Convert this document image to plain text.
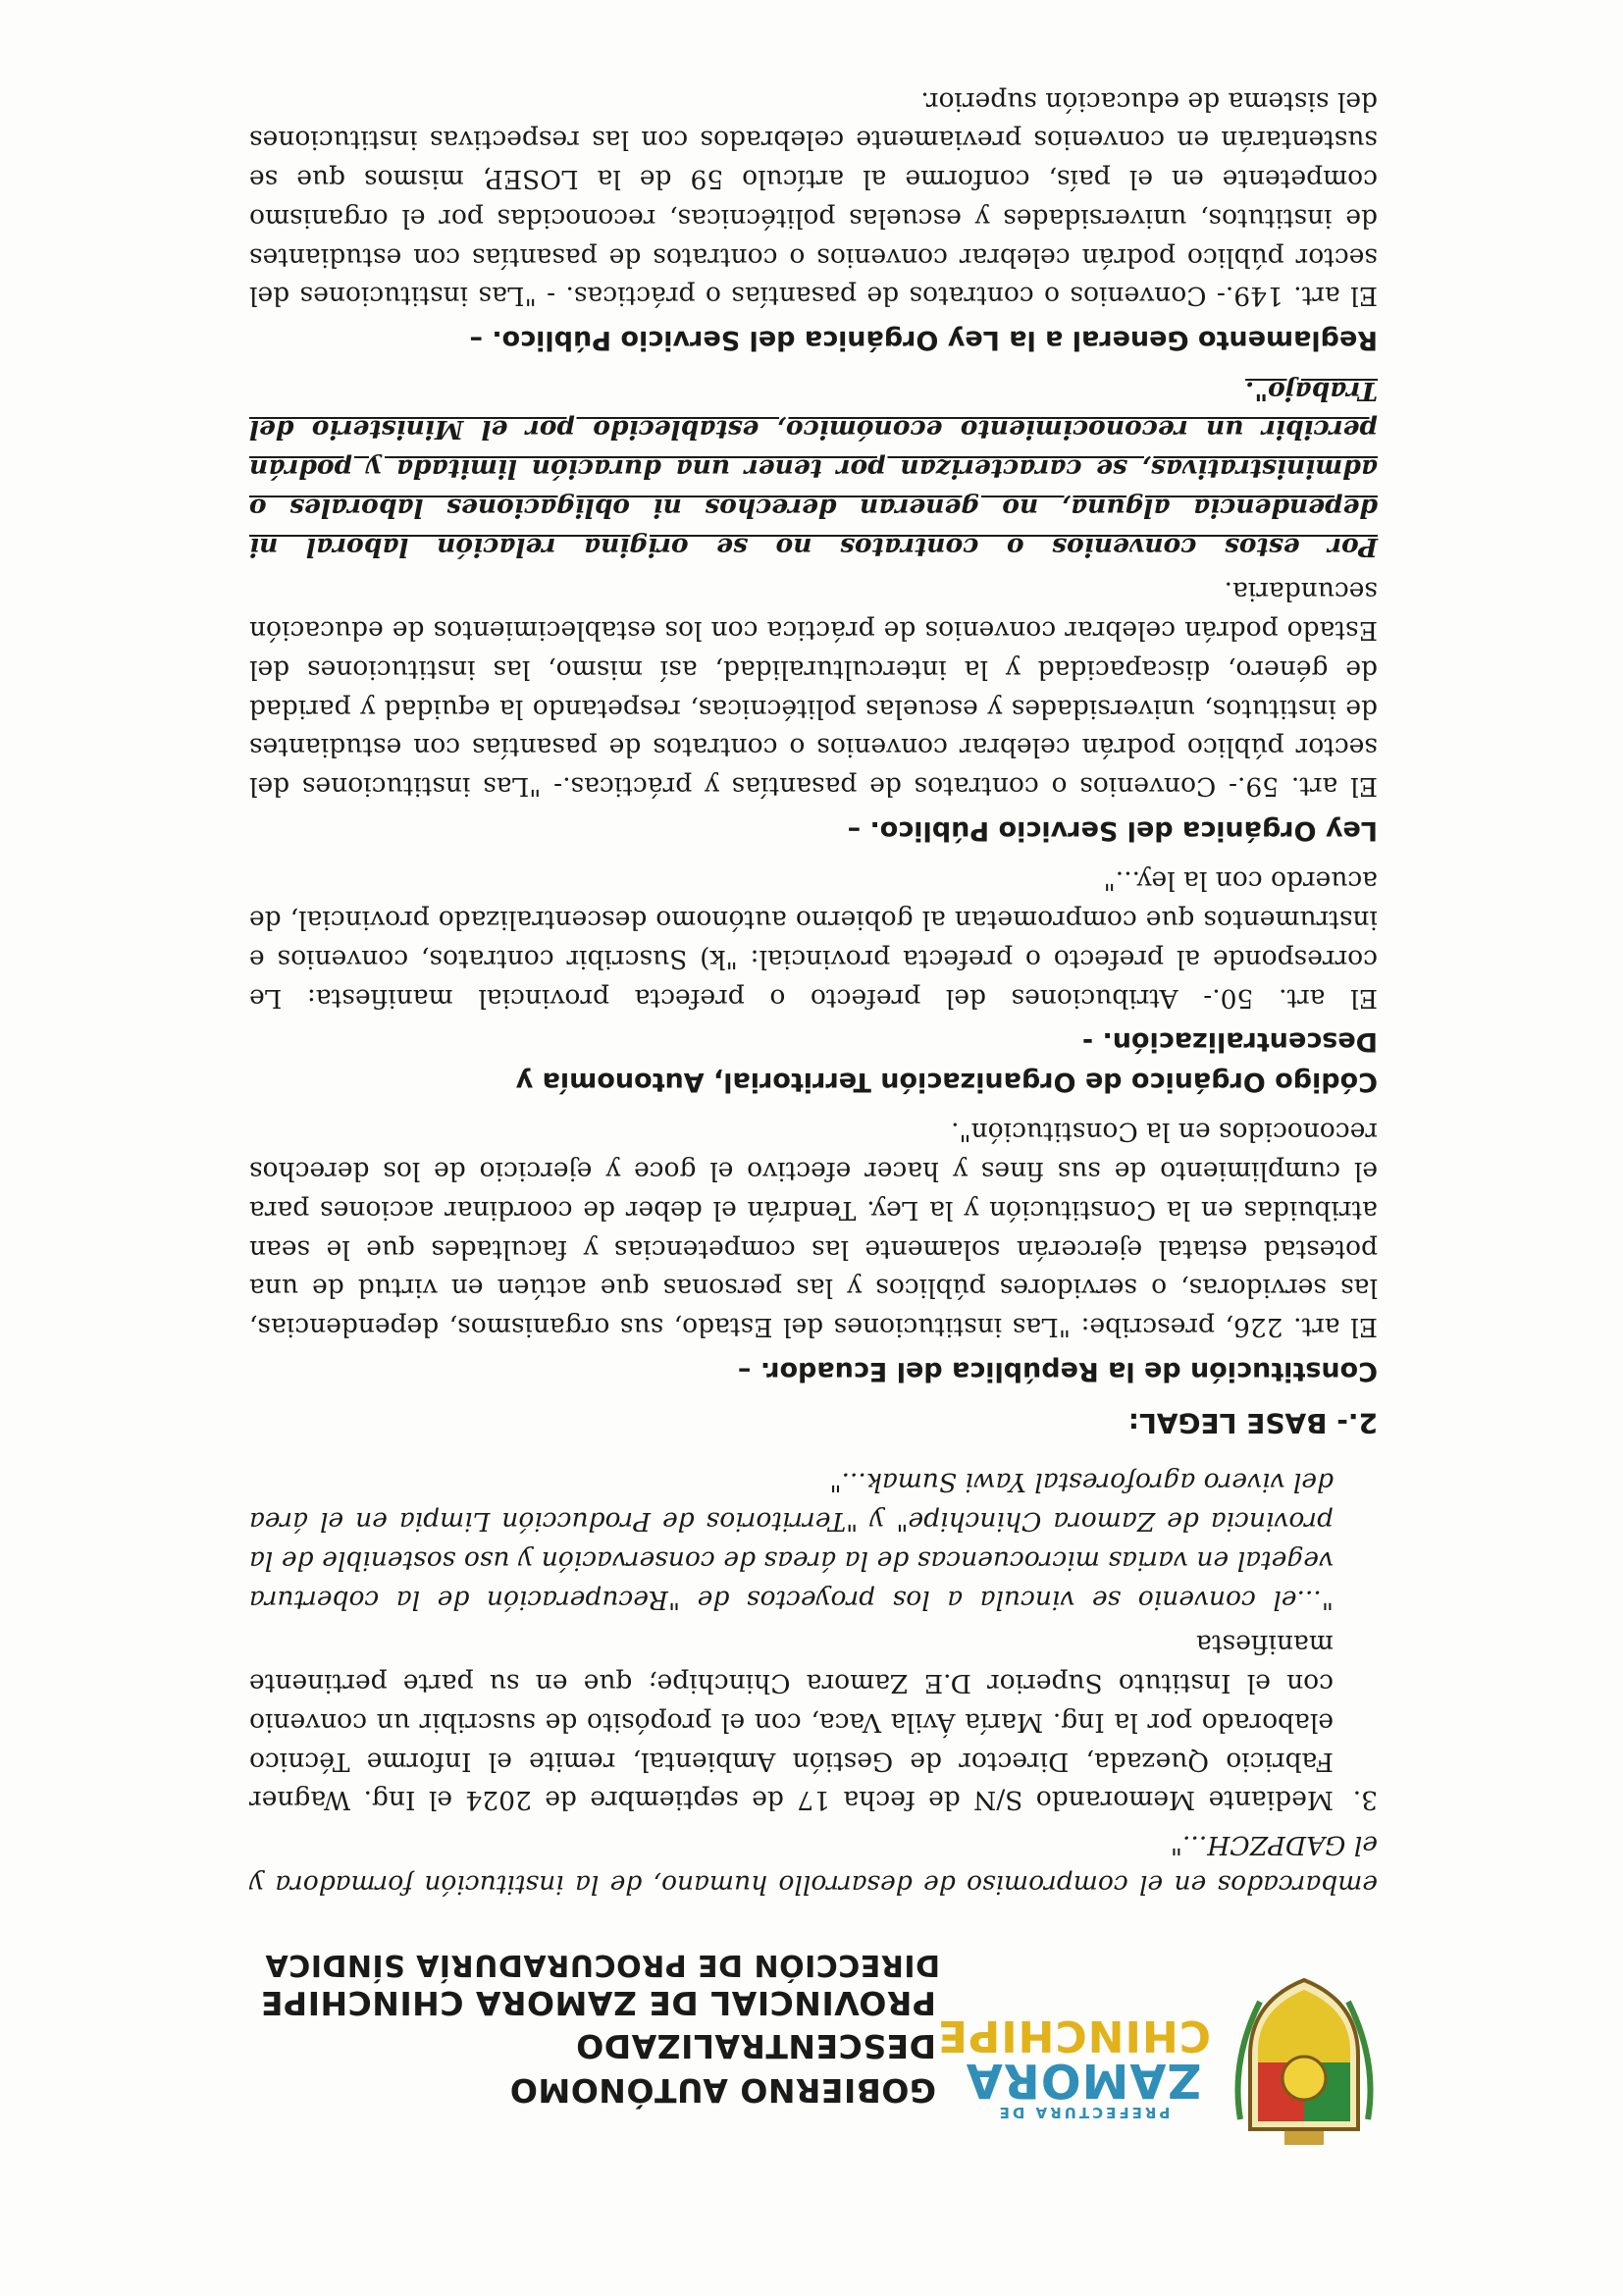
PREFECTURA DE
ZAMORA
CHINCHIPE
GOBIERNO AUTÓNOMO DESCENTRALIZADO
PROVINCIAL DE ZAMORA CHINCHIPE
DIRECCIÓN DE PROCURADURÍA SÍNDICA

embarcados en el compromiso de desarrollo humano, de la institución formadora y el GADPZCH..."

3.

Mediante Memorando S/N de fecha 17 de septiembre de 2024 el Ing. Wagner Fabricio Quezada, Director de Gestión Ambiental, remite el Informe Técnico elaborado por la Ing. María Ávila Vaca, con el propósito de suscribir un convenio con el Instituto Superior D.E Zamora Chinchipe; que en su parte pertinente manifiesta

"...el convenio se vincula a los proyectos de "Recuperación de la cobertura vegetal en varias microcuencas de la áreas de conservación y uso sostenible de la provincia de Zamora Chinchipe" y "Territorios de Producción Limpia en el área del vivero agroforestal Yawi Sumak..."

2.- BASE LEGAL:
Constitución de la República del Ecuador. –

El art. 226, prescribe: "Las instituciones del Estado, sus organismos, dependencias, las servidoras, o servidores públicos y las personas que actúen en virtud de una potestad estatal ejercerán solamente las competencias y facultades que le sean atribuidas en la Constitución y la Ley. Tendrán el deber de coordinar acciones para el cumplimiento de sus fines y hacer efectivo el goce y ejercicio de los derechos reconocidos en la Constitución".

Código Orgánico de Organización Territorial, Autonomía y Descentralización. -

El art. 50.- Atribuciones del prefecto o prefecta provincial manifiesta: Le corresponde al prefecto o prefecta provincial: "k) Suscribir contratos, convenios e instrumentos que comprometan al gobierno autónomo descentralizado provincial, de acuerdo con la ley..."

Ley Orgánica del Servicio Público. –

El art. 59.- Convenios o contratos de pasantías y prácticas.- "Las instituciones del sector público podrán celebrar convenios o contratos de pasantías con estudiantes de institutos, universidades y escuelas politécnicas, respetando la equidad y paridad de género, discapacidad y la interculturalidad, así mismo, las instituciones del Estado podrán celebrar convenios de práctica con los establecimientos de educación secundaria.

Por estos convenios o contratos no se origina relación laboral ni dependencia alguna, no generan derechos ni obligaciones laborales o administrativas, se caracterizan por tener una duración limitada y podrán percibir un reconocimiento económico, establecido por el Ministerio del Trabajo".

Reglamento General a la Ley Orgánica del Servicio Público. –

El art. 149.- Convenios o contratos de pasantías o prácticas. - "Las instituciones del sector público podrán celebrar convenios o contratos de pasantías con estudiantes de institutos, universidades y escuelas politécnicas, reconocidas por el organismo competente en el país, conforme al artículo 59 de la LOSEP, mismos que se sustentarán en convenios previamente celebrados con las respectivas instituciones del sistema de educación superior.
